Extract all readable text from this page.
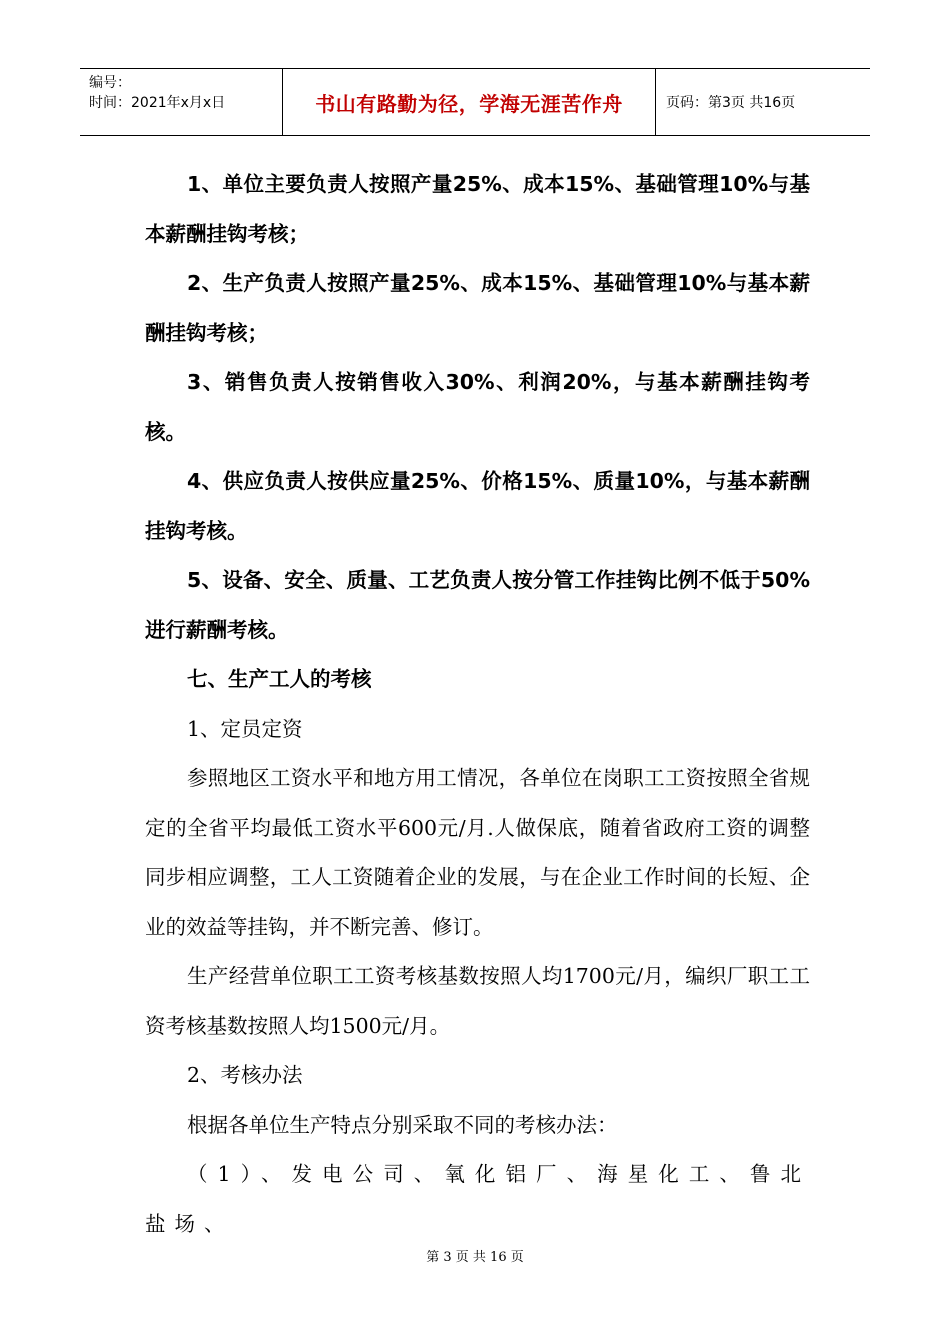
编号：
时间：2021年x月x日	书山有路勤为径，学海无涯苦作舟	页码：第3页 共16页

1、单位主要负责人按照产量25%、成本15%、基础管理10%与基本薪酬挂钩考核；

2、生产负责人按照产量25%、成本15%、基础管理10%与基本薪酬挂钩考核；

3、销售负责人按销售收入30%、利润20%，与基本薪酬挂钩考核。

4、供应负责人按供应量25%、价格15%、质量10%，与基本薪酬挂钩考核。

5、设备、安全、质量、工艺负责人按分管工作挂钩比例不低于50%进行薪酬考核。

七、生产工人的考核

1、定员定资

参照地区工资水平和地方用工情况，各单位在岗职工工资按照全省规定的全省平均最低工资水平600元/月.人做保底，随着省政府工资的调整同步相应调整，工人工资随着企业的发展，与在企业工作时间的长短、企业的效益等挂钩，并不断完善、修订。

生产经营单位职工工资考核基数按照人均1700元/月，编织厂职工工资考核基数按照人均1500元/月。

2、考核办法

根据各单位生产特点分别采取不同的考核办法：

（1）、发电公司、氧化铝厂、海星化工、鲁北盐场、

第 3 页 共 16 页
